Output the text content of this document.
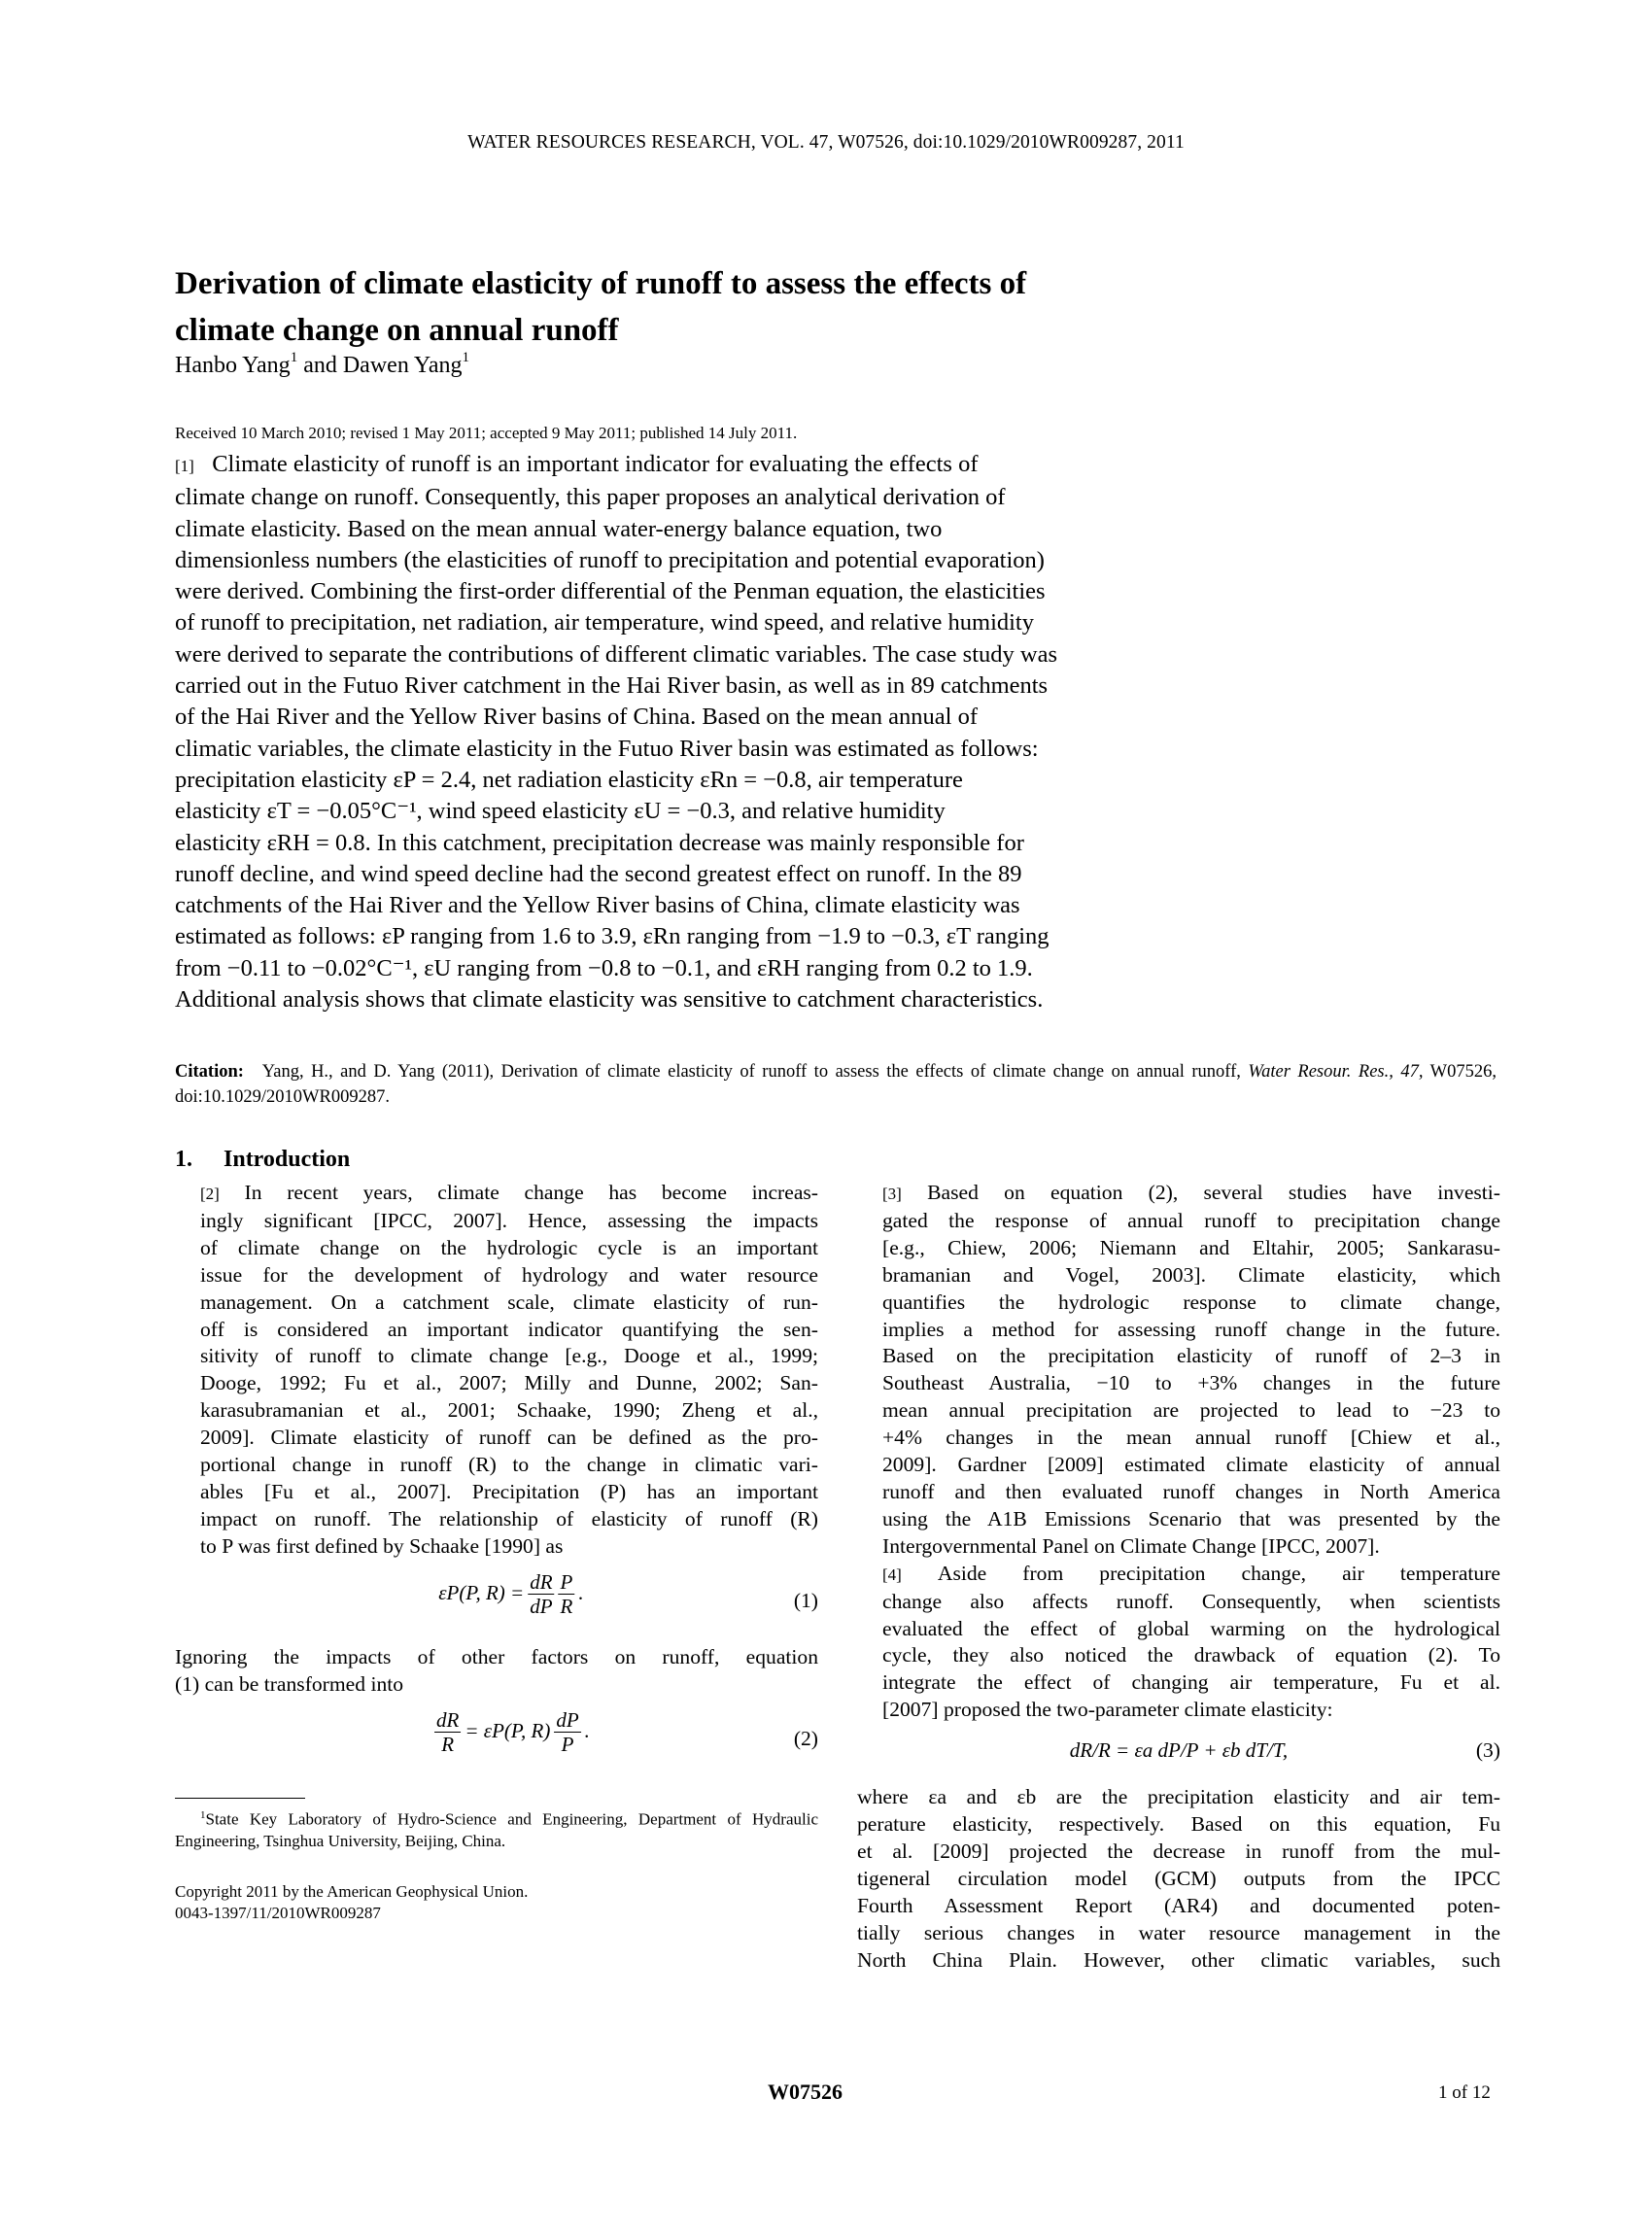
WATER RESOURCES RESEARCH, VOL. 47, W07526, doi:10.1029/2010WR009287, 2011
Derivation of climate elasticity of runoff to assess the effects of
climate change on annual runoff
Hanbo Yang$^1$ and Dawen Yang$^1$
Received 10 March 2010; revised 1 May 2011; accepted 9 May 2011; published 14 July 2011.
[1] Climate elasticity of runoff is an important indicator for evaluating the effects of
climate change on runoff. Consequently, this paper proposes an analytical derivation of
climate elasticity. Based on the mean annual water-energy balance equation, two
dimensionless numbers (the elasticities of runoff to precipitation and potential evaporation)
were derived. Combining the first-order differential of the Penman equation, the elasticities
of runoff to precipitation, net radiation, air temperature, wind speed, and relative humidity
were derived to separate the contributions of different climatic variables. The case study was
carried out in the Futuo River catchment in the Hai River basin, as well as in 89 catchments
of the Hai River and the Yellow River basins of China. Based on the mean annual of
climatic variables, the climate elasticity in the Futuo River basin was estimated as follows:
precipitation elasticity εP = 2.4, net radiation elasticity εRn = −0.8, air temperature
elasticity εT = −0.05°C⁻¹, wind speed elasticity εU = −0.3, and relative humidity
elasticity εRH = 0.8. In this catchment, precipitation decrease was mainly responsible for
runoff decline, and wind speed decline had the second greatest effect on runoff. In the 89
catchments of the Hai River and the Yellow River basins of China, climate elasticity was
estimated as follows: εP ranging from 1.6 to 3.9, εRn ranging from −1.9 to −0.3, εT ranging
from −0.11 to −0.02°C⁻¹, εU ranging from −0.8 to −0.1, and εRH ranging from 0.2 to 1.9.
Additional analysis shows that climate elasticity was sensitive to catchment characteristics.
Citation: Yang, H., and D. Yang (2011), Derivation of climate elasticity of runoff to assess the effects of climate change on annual runoff, Water Resour. Res., 47, W07526, doi:10.1029/2010WR009287.
1. Introduction
[2] In recent years, climate change has become increas-
ingly significant [IPCC, 2007]. Hence, assessing the impacts
of climate change on the hydrologic cycle is an important
issue for the development of hydrology and water resource
management. On a catchment scale, climate elasticity of run-
off is considered an important indicator quantifying the sen-
sitivity of runoff to climate change [e.g., Dooge et al., 1999;
Dooge, 1992; Fu et al., 2007; Milly and Dunne, 2002; San-
karasubramanian et al., 2001; Schaake, 1990; Zheng et al.,
2009]. Climate elasticity of runoff can be defined as the pro-
portional change in runoff (R) to the change in climatic vari-
ables [Fu et al., 2007]. Precipitation (P) has an important
impact on runoff. The relationship of elasticity of runoff (R)
to P was first defined by Schaake [1990] as
εP(P, $R) = \frac{dR}{dP} \frac{P}{R}$ .	(1)
Ignoring the impacts of other factors on runoff, equation
(1) can be transformed into
$\frac{dR}{R} = \varepsilon P(P$, $R) \frac{dP}{P}$ .	(2)
$^1$State Key Laboratory of Hydro-Science and Engineering, Department of Hydraulic Engineering, Tsinghua University, Beijing, China.
Copyright 2011 by the American Geophysical Union.
0043-1397/11/2010WR009287
[3] Based on equation (2), several studies have investi-
gated the response of annual runoff to precipitation change
[e.g., Chiew, 2006; Niemann and Eltahir, 2005; Sankarasu-
bramanian and Vogel, 2003]. Climate elasticity, which
quantifies the hydrologic response to climate change,
implies a method for assessing runoff change in the future.
Based on the precipitation elasticity of runoff of 2–3 in
Southeast Australia, −10 to +3% changes in the future
mean annual precipitation are projected to lead to −23 to
+4% changes in the mean annual runoff [Chiew et al.,
2009]. Gardner [2009] estimated climate elasticity of annual
runoff and then evaluated runoff changes in North America
using the A1B Emissions Scenario that was presented by the
Intergovernmental Panel on Climate Change [IPCC, 2007].
[4] Aside from precipitation change, air temperature
change also affects runoff. Consequently, when scientists
evaluated the effect of global warming on the hydrological
cycle, they also noticed the drawback of equation (2). To
integrate the effect of changing air temperature, Fu et al.
[2007] proposed the two-parameter climate elasticity:
dR/R = εa dP/P + εb dT/T,	(3)
where εa and εb are the precipitation elasticity and air tem-
perature elasticity, respectively. Based on this equation, Fu
et al. [2009] projected the decrease in runoff from the mul-
tigeneral circulation model (GCM) outputs from the IPCC
Fourth Assessment Report (AR4) and documented poten-
tially serious changes in water resource management in the
North China Plain. However, other climatic variables, such
W07526	1 of 12
